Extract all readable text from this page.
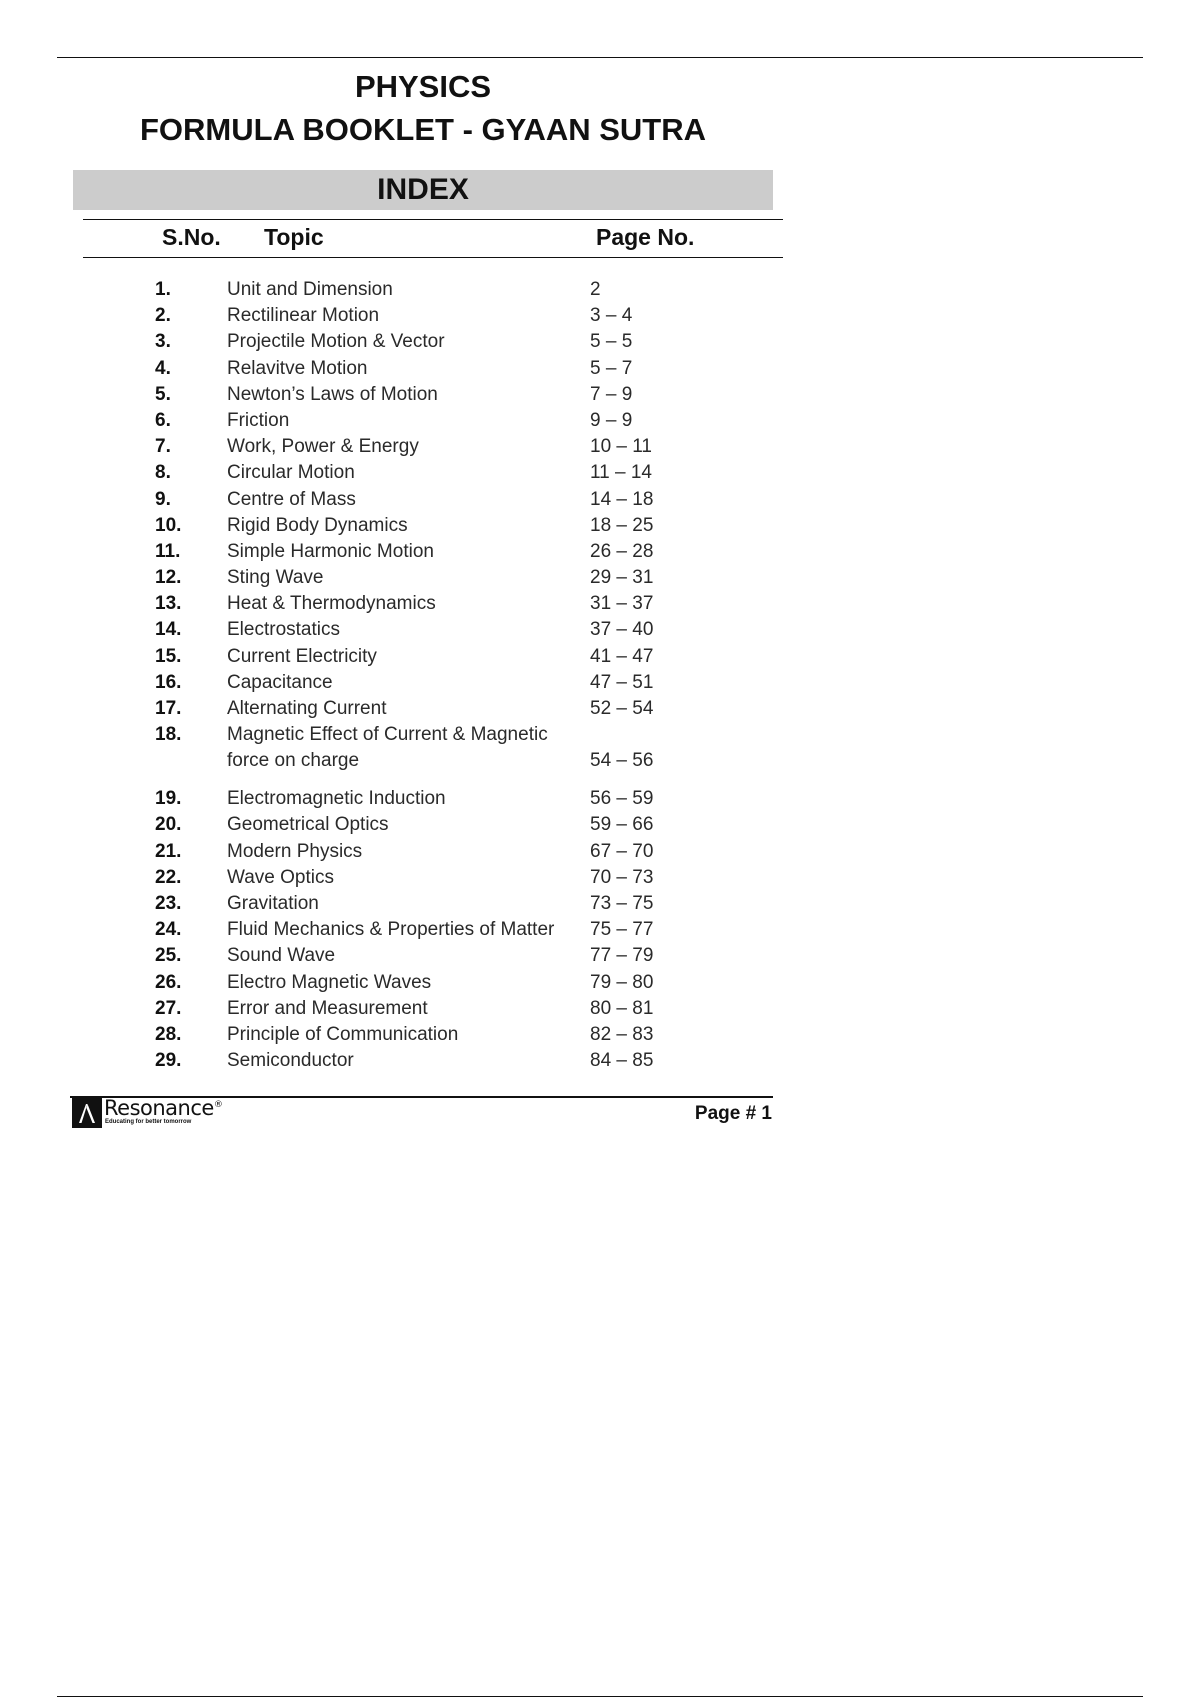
PHYSICS
FORMULA BOOKLET - GYAAN SUTRA
INDEX
S.No. Topic	Page No.
1.	Unit and Dimension	2
2.	Rectilinear Motion	3 – 4
3.	Projectile Motion & Vector	5 – 5
4.	Relavitve Motion	5 – 7
5.	Newton’s Laws of Motion	7 – 9
6.	Friction	9 – 9
7.	Work, Power & Energy	10 – 11
8.	Circular Motion	11 – 14
9.	Centre of Mass	14 – 18
10. Rigid Body Dynamics	18 – 25
11. Simple Harmonic Motion	26 – 28
12. Sting Wave	29 – 31
13. Heat & Thermodynamics	31 – 37
14. Electrostatics	37 – 40
15. Current Electricity	41 – 47
16. Capacitance	47 – 51
17. Alternating Current	52 – 54
18. Magnetic Effect of Current & Magnetic
force on charge	54 – 56
19. Electromagnetic Induction	56 – 59
20. Geometrical Optics	59 – 66
21. Modern Physics	67 – 70
22. Wave Optics	70 – 73
23. Gravitation	73 – 75
24. Fluid Mechanics & Properties of Matter	75 – 77
25. Sound Wave	77 – 79
26. Electro Magnetic Waves	79 – 80
27. Error and Measurement	80 – 81
28. Principle of Communication	82 – 83
29. Semiconductor	84 – 85
Resonance®
Educating for better tomorrow	Page # 1
